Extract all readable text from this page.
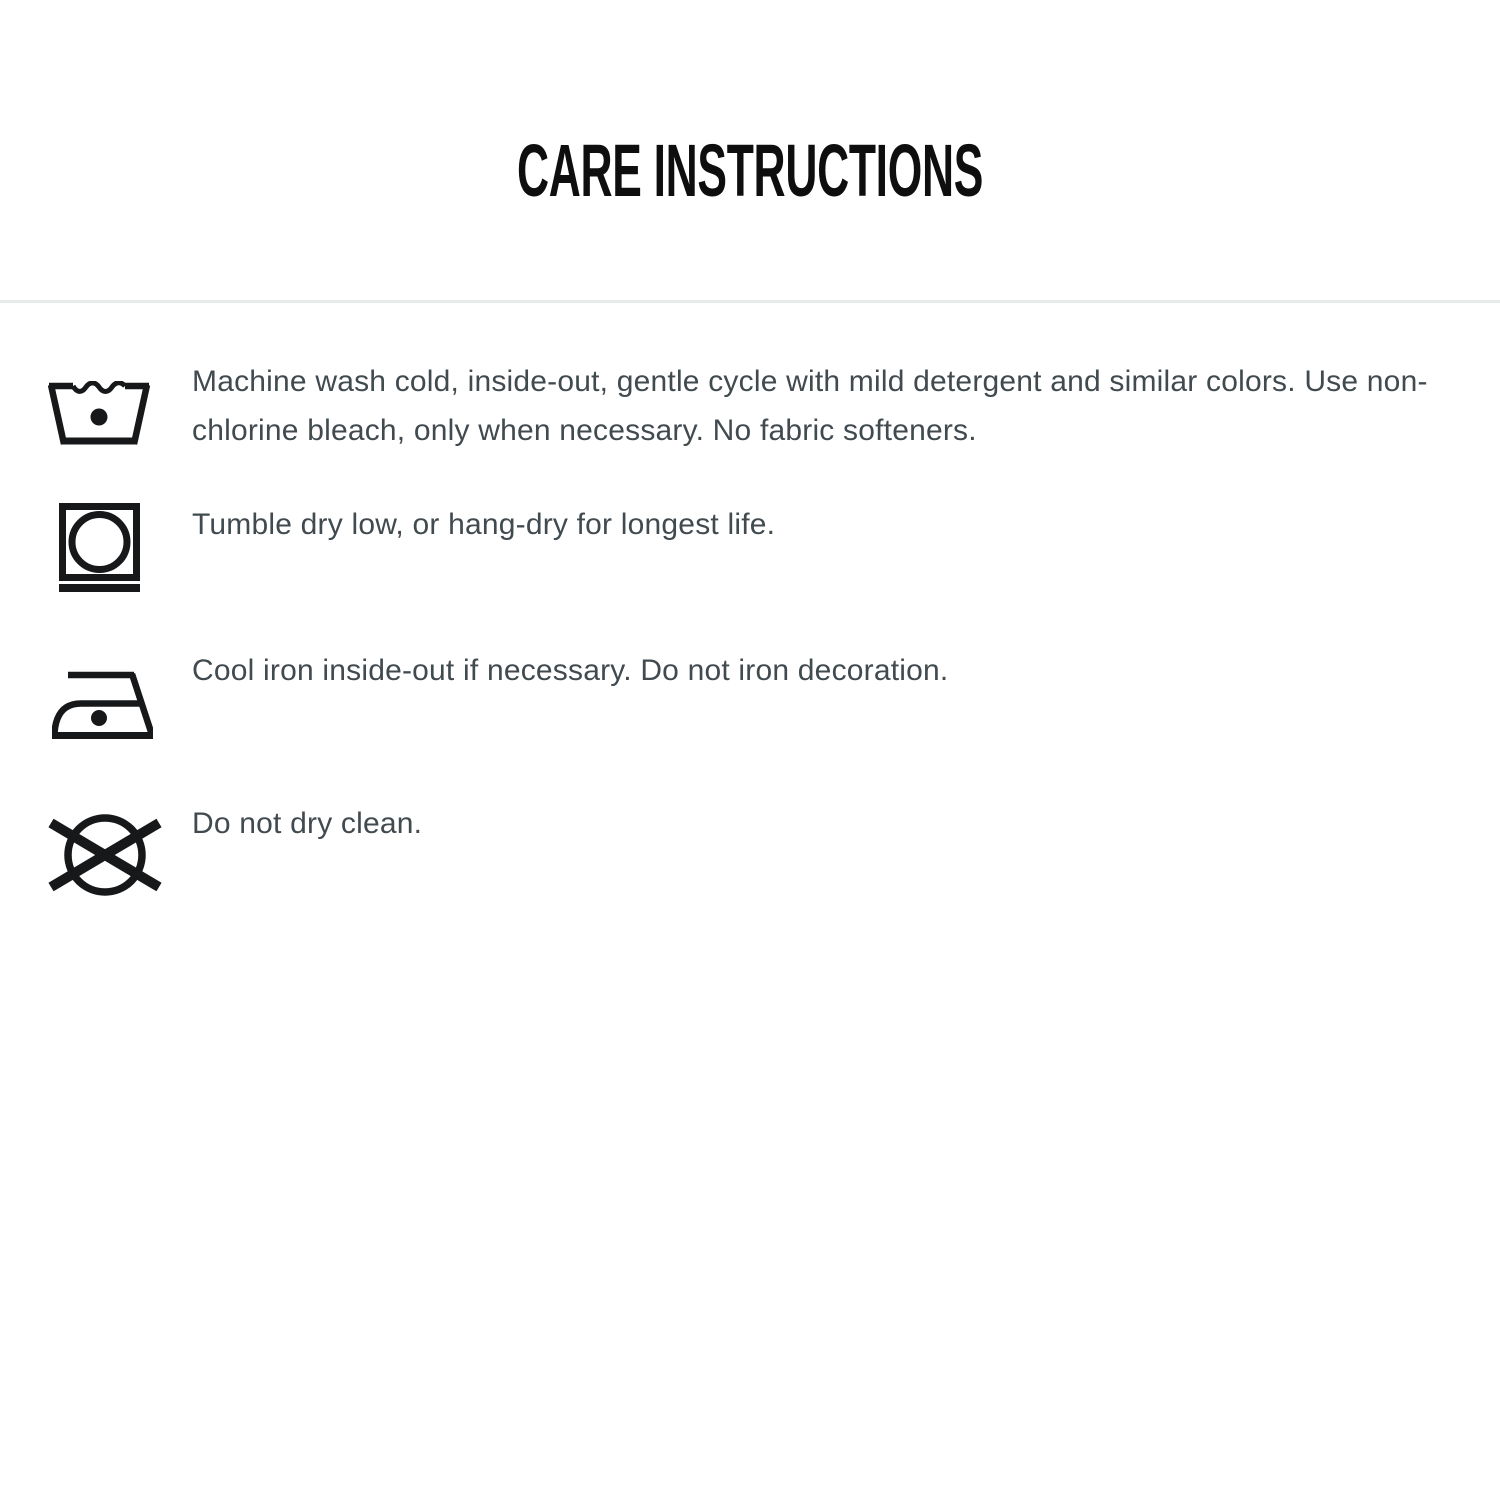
CARE INSTRUCTIONS

Machine wash cold, inside-out, gentle cycle with mild detergent and similar colors. Use non-chlorine bleach, only when necessary. No fabric softeners.

Tumble dry low, or hang-dry for longest life.

Cool iron inside-out if necessary. Do not iron decoration.

Do not dry clean.
